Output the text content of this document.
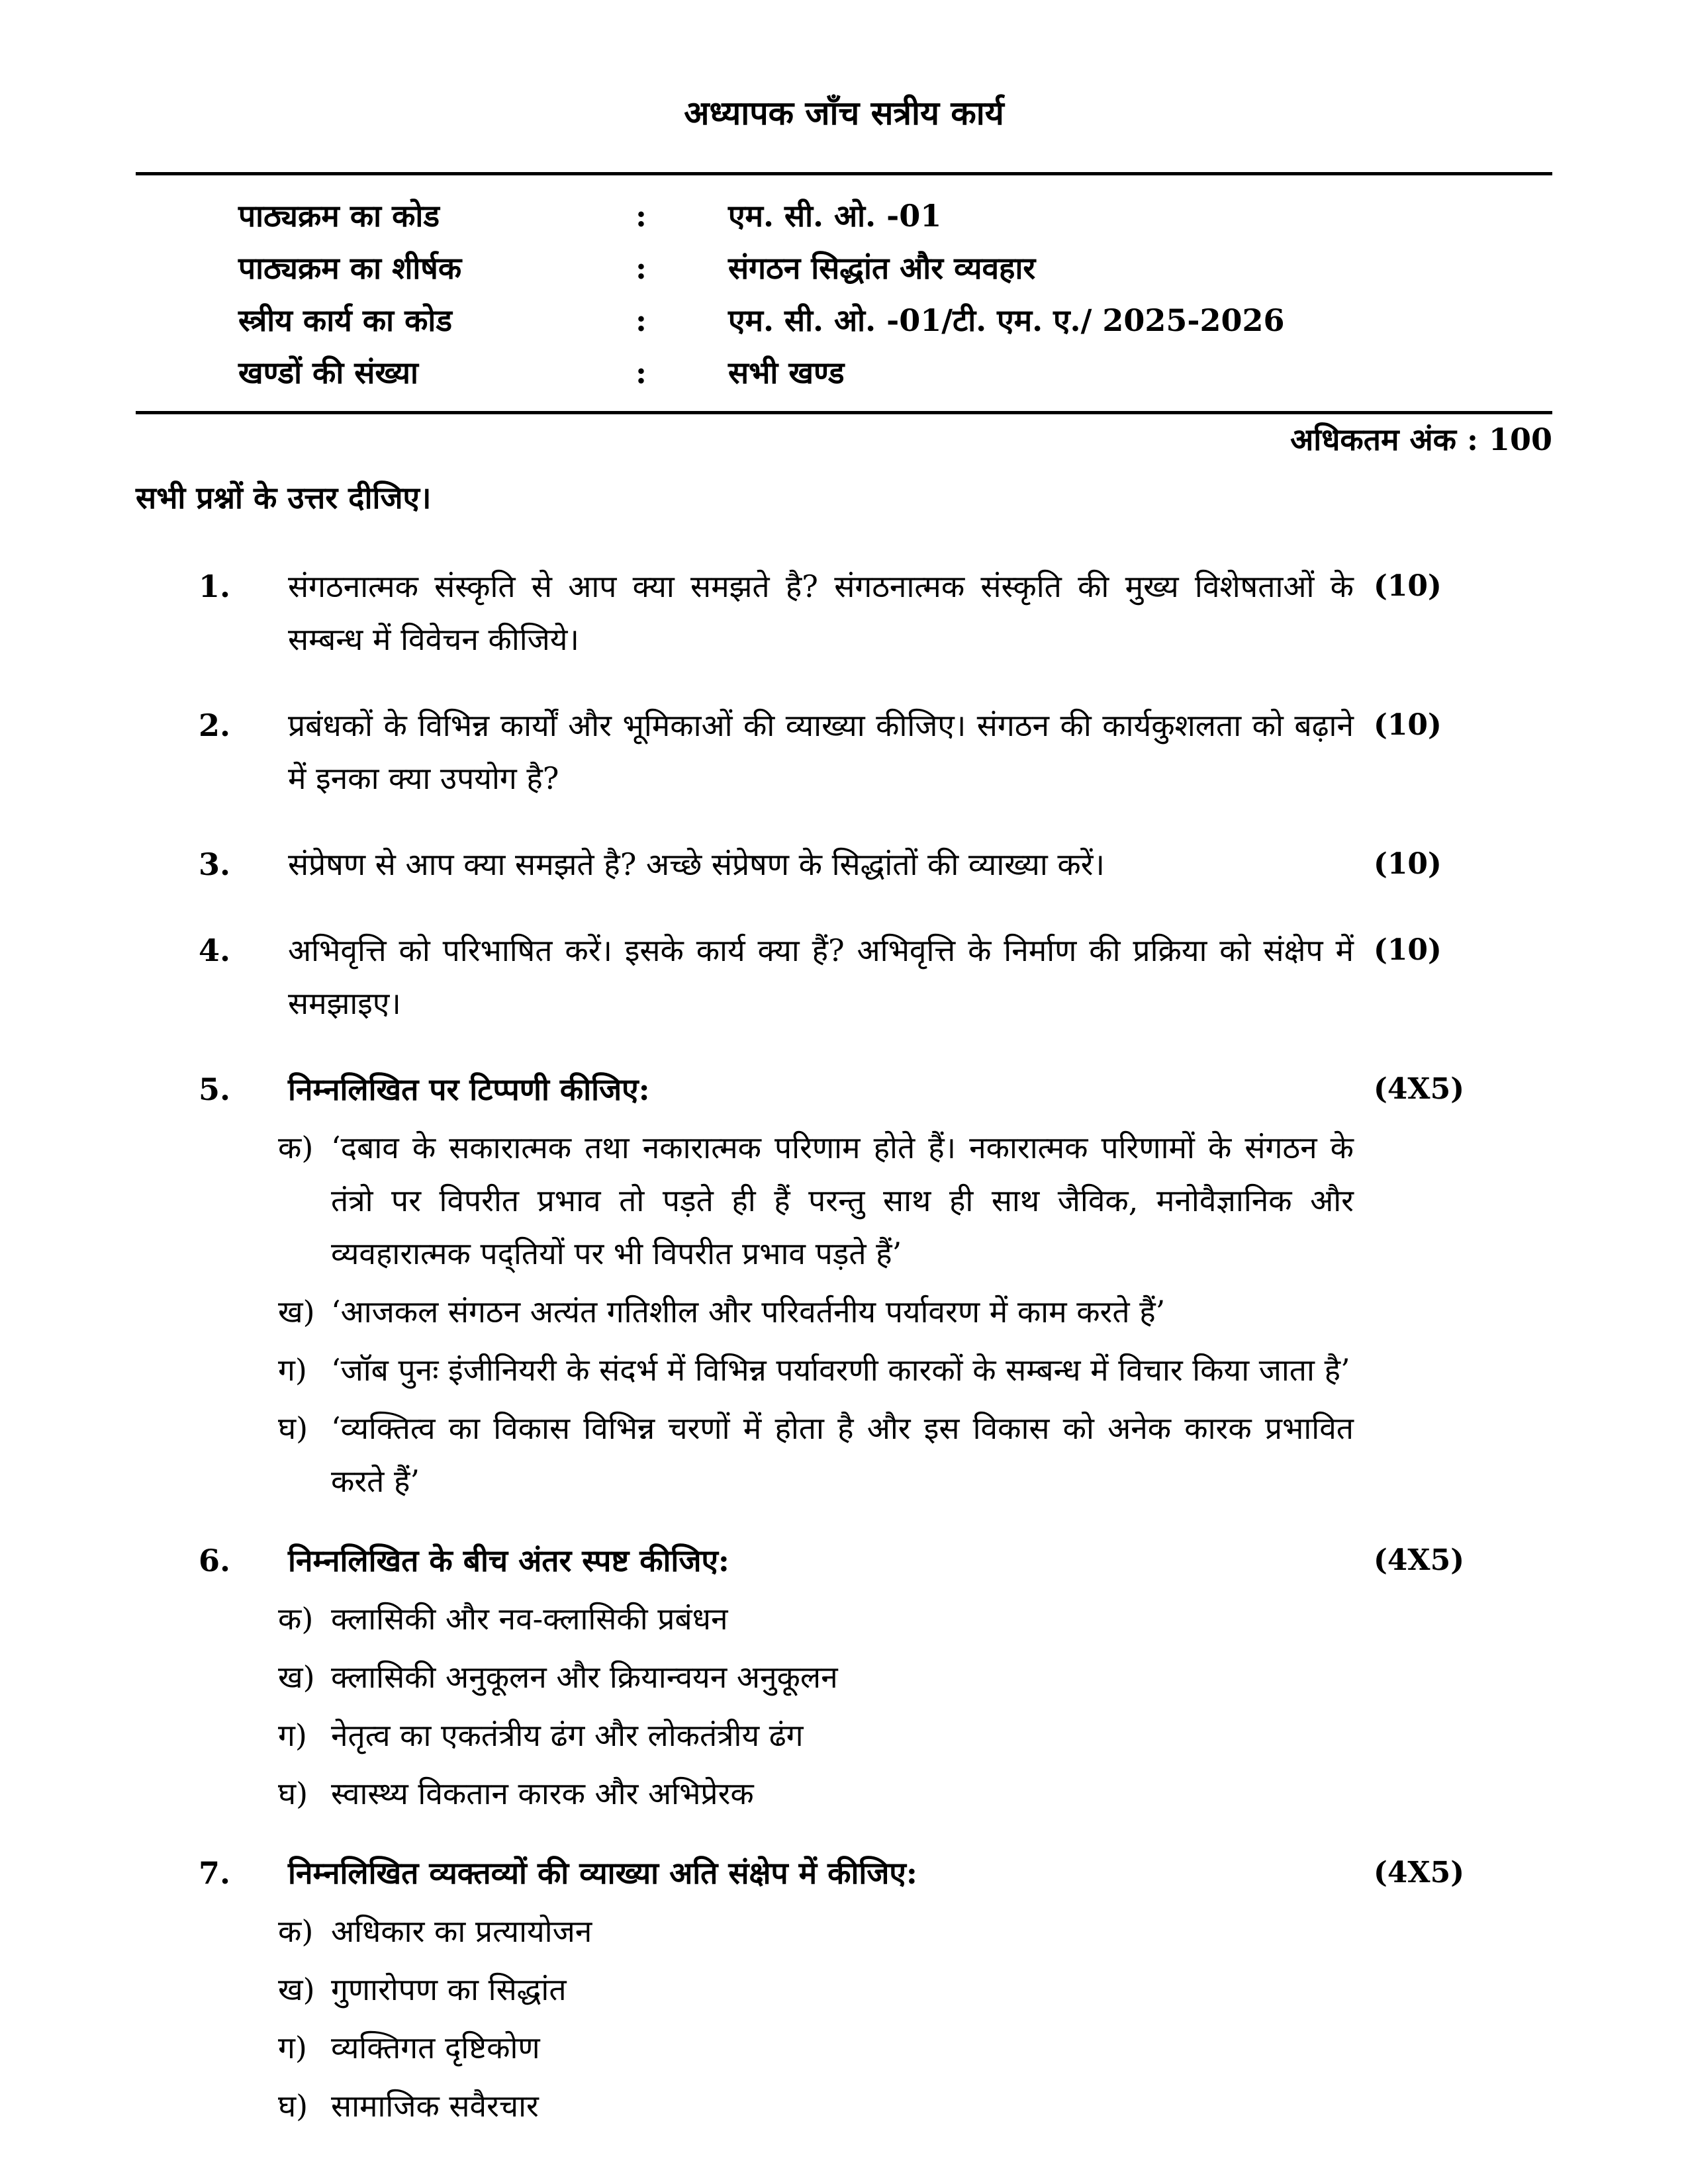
अध्यापक जाँच सत्रीय कार्य
पाठ्यक्रम का कोड	:	एम. सी. ओ. -01
पाठ्यक्रम का शीर्षक	:	संगठन सिद्धांत और व्यवहार
स्त्रीय कार्य का कोड	:	एम. सी. ओ. -01/टी. एम. ए./ 2025-2026
खण्डों की संख्या	:	सभी खण्ड
अधिकतम अंक : 100
सभी प्रश्नों के उत्तर दीजिए।
1.	संगठनात्मक संस्कृति से आप क्या समझते है? संगठनात्मक संस्कृति की मुख्य विशेषताओं के सम्बन्ध में विवेचन कीजिये।
(10)
2.	प्रबंधकों के विभिन्न कार्यों और भूमिकाओं की व्याख्या कीजिए। संगठन की कार्यकुशलता को बढ़ाने में इनका क्या उपयोग है?
(10)
3.	संप्रेषण से आप क्या समझते है? अच्छे संप्रेषण के सिद्धांतों की व्याख्या करें।	(10)
4.	अभिवृत्ति को परिभाषित करें। इसके कार्य क्या हैं? अभिवृत्ति के निर्माण की प्रक्रिया को संक्षेप में समझाइए।
(10)
5.	निम्नलिखित पर टिप्पणी कीजिए:	(4X5)
क) ‘दबाव के सकारात्मक तथा नकारात्मक परिणाम होते हैं। नकारात्मक परिणामों के संगठन के तंत्रो पर विपरीत प्रभाव तो पड़ते ही हैं परन्तु साथ ही साथ जैविक, मनोवैज्ञानिक और व्यवहारात्मक पद्तियों पर भी विपरीत प्रभाव पड़ते हैं’
ख) ‘आजकल संगठन अत्यंत गतिशील और परिवर्तनीय पर्यावरण में काम करते हैं’
ग) ‘जॉब पुनः इंजीनियरी के संदर्भ में विभिन्न पर्यावरणी कारकों के सम्बन्ध में विचार किया जाता है’
घ) ‘व्यक्तित्व का विकास विभिन्न चरणों में होता है और इस विकास को अनेक कारक प्रभावित करते हैं’
6.	निम्नलिखित के बीच अंतर स्पष्ट कीजिए:	(4X5)
क) क्लासिकी और नव-क्लासिकी प्रबंधन
ख) क्लासिकी अनुकूलन और क्रियान्वयन अनुकूलन
ग) नेतृत्व का एकतंत्रीय ढंग और लोकतंत्रीय ढंग
घ) स्वास्थ्य विकतान कारक और अभिप्रेरक
7.	निम्नलिखित व्यक्तव्यों की व्याख्या अति संक्षेप में कीजिए:	(4X5)
क) अधिकार का प्रत्यायोजन
ख) गुणारोपण का सिद्धांत
ग) व्यक्तिगत दृष्टिकोण
घ) सामाजिक सवैरचार
